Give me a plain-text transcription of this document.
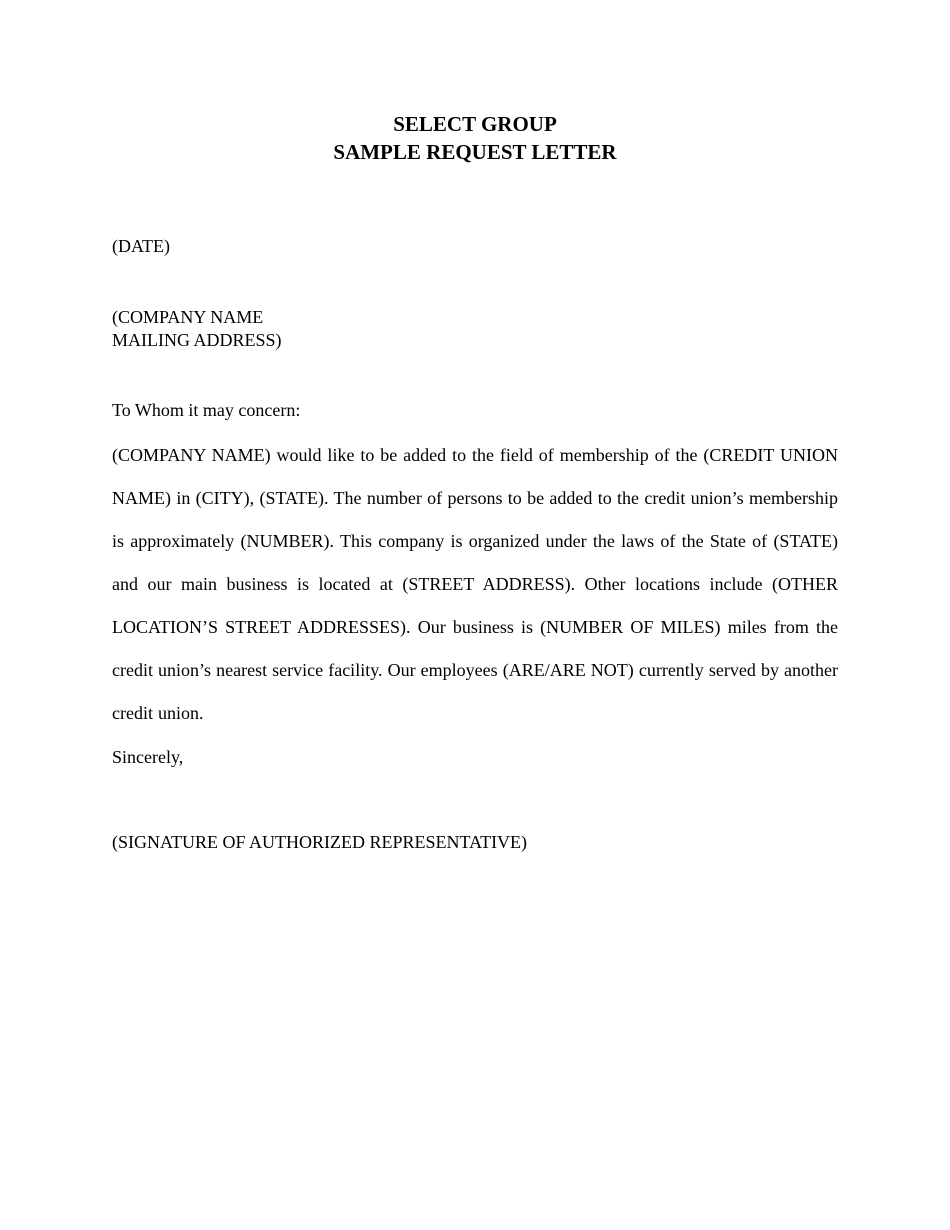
SELECT GROUP
SAMPLE REQUEST LETTER
(DATE)
(COMPANY NAME
MAILING ADDRESS)
To Whom it may concern:
(COMPANY NAME) would like to be added to the field of membership of the (CREDIT UNION NAME) in (CITY), (STATE). The number of persons to be added to the credit union’s membership is approximately (NUMBER). This company is organized under the laws of the State of (STATE) and our main business is located at (STREET ADDRESS). Other locations include (OTHER LOCATION’S STREET ADDRESSES). Our business is (NUMBER OF MILES) miles from the credit union’s nearest service facility. Our employees (ARE/ARE NOT) currently served by another credit union.
Sincerely,
(SIGNATURE OF AUTHORIZED REPRESENTATIVE)
